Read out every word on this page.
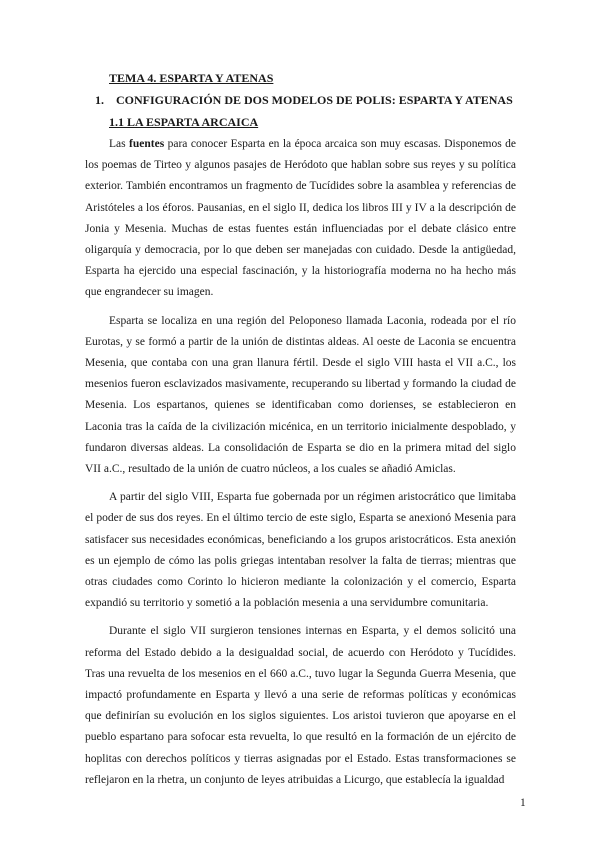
TEMA 4. ESPARTA Y ATENAS
1. CONFIGURACIÓN DE DOS MODELOS DE POLIS: ESPARTA Y ATENAS
1.1 LA ESPARTA ARCAICA

Las fuentes para conocer Esparta en la época arcaica son muy escasas. Disponemos de los poemas de Tirteo y algunos pasajes de Heródoto que hablan sobre sus reyes y su política exterior. También encontramos un fragmento de Tucídides sobre la asamblea y referencias de Aristóteles a los éforos. Pausanias, en el siglo II, dedica los libros III y IV a la descripción de Jonia y Mesenia. Muchas de estas fuentes están influenciadas por el debate clásico entre oligarquía y democracia, por lo que deben ser manejadas con cuidado. Desde la antigüedad, Esparta ha ejercido una especial fascinación, y la historiografía moderna no ha hecho más que engrandecer su imagen.

Esparta se localiza en una región del Peloponeso llamada Laconia, rodeada por el río Eurotas, y se formó a partir de la unión de distintas aldeas. Al oeste de Laconia se encuentra Mesenia, que contaba con una gran llanura fértil. Desde el siglo VIII hasta el VII a.C., los mesenios fueron esclavizados masivamente, recuperando su libertad y formando la ciudad de Mesenia. Los espartanos, quienes se identificaban como dorienses, se establecieron en Laconia tras la caída de la civilización micénica, en un territorio inicialmente despoblado, y fundaron diversas aldeas. La consolidación de Esparta se dio en la primera mitad del siglo VII a.C., resultado de la unión de cuatro núcleos, a los cuales se añadió Amiclas.

A partir del siglo VIII, Esparta fue gobernada por un régimen aristocrático que limitaba el poder de sus dos reyes. En el último tercio de este siglo, Esparta se anexionó Mesenia para satisfacer sus necesidades económicas, beneficiando a los grupos aristocráticos. Esta anexión es un ejemplo de cómo las polis griegas intentaban resolver la falta de tierras; mientras que otras ciudades como Corinto lo hicieron mediante la colonización y el comercio, Esparta expandió su territorio y sometió a la población mesenia a una servidumbre comunitaria.

Durante el siglo VII surgieron tensiones internas en Esparta, y el demos solicitó una reforma del Estado debido a la desigualdad social, de acuerdo con Heródoto y Tucídides. Tras una revuelta de los mesenios en el 660 a.C., tuvo lugar la Segunda Guerra Mesenia, que impactó profundamente en Esparta y llevó a una serie de reformas políticas y económicas que definirían su evolución en los siglos siguientes. Los aristoi tuvieron que apoyarse en el pueblo espartano para sofocar esta revuelta, lo que resultó en la formación de un ejército de hoplitas con derechos políticos y tierras asignadas por el Estado. Estas transformaciones se reflejaron en la rhetra, un conjunto de leyes atribuidas a Licurgo, que establecía la igualdad

1
